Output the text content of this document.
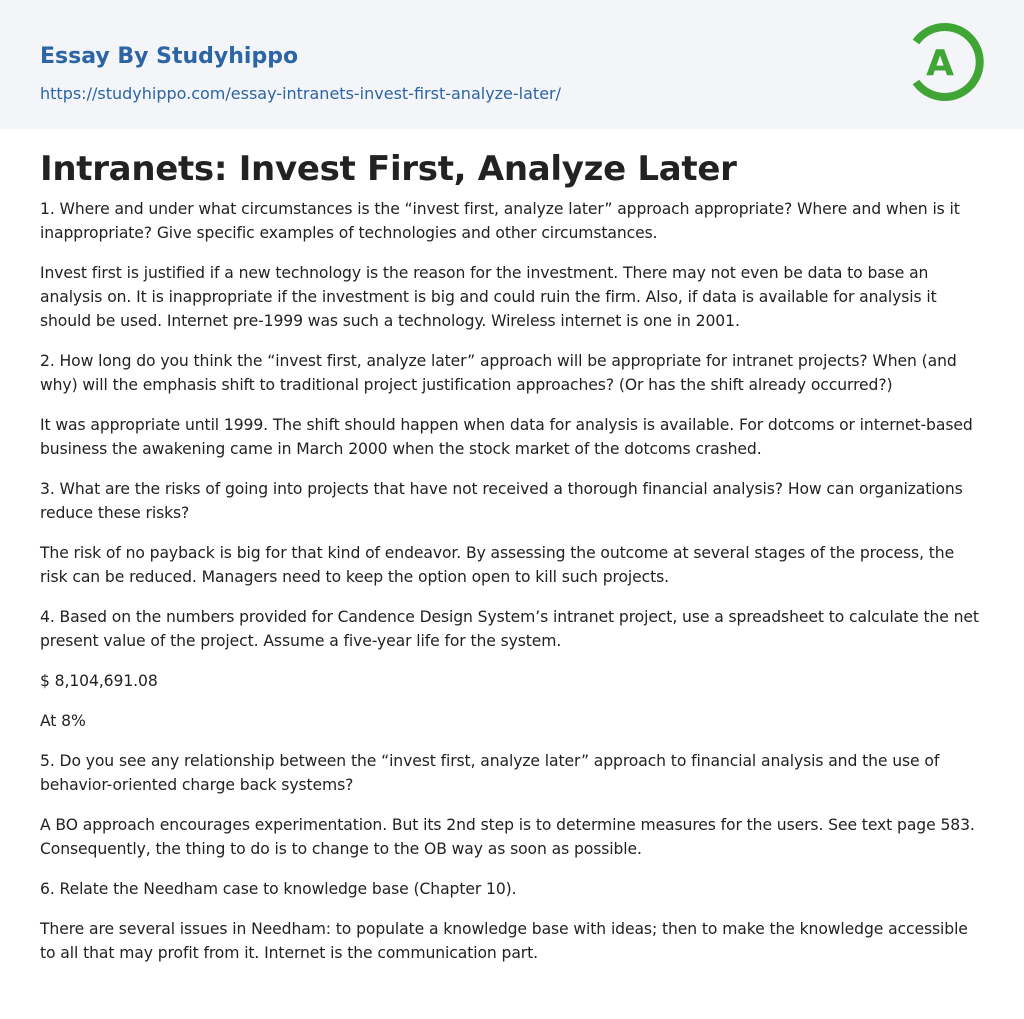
Essay By Studyhippo
https://studyhippo.com/essay-intranets-invest-first-analyze-later/
A
Intranets: Invest First, Analyze Later

1. Where and under what circumstances is the “invest first, analyze later” approach appropriate? Where and when is it inappropriate? Give specific examples of technologies and other circumstances.

Invest first is justified if a new technology is the reason for the investment. There may not even be data to base an analysis on. It is inappropriate if the investment is big and could ruin the firm. Also, if data is available for analysis it should be used. Internet pre-1999 was such a technology. Wireless internet is one in 2001.

2. How long do you think the “invest first, analyze later” approach will be appropriate for intranet projects? When (and why) will the emphasis shift to traditional project justification approaches? (Or has the shift already occurred?)

It was appropriate until 1999. The shift should happen when data for analysis is available. For dotcoms or internet-based business the awakening came in March 2000 when the stock market of the dotcoms crashed.

3. What are the risks of going into projects that have not received a thorough financial analysis? How can organizations reduce these risks?

The risk of no payback is big for that kind of endeavor. By assessing the outcome at several stages of the process, the risk can be reduced. Managers need to keep the option open to kill such projects.

4. Based on the numbers provided for Candence Design System’s intranet project, use a spreadsheet to calculate the net present value of the project. Assume a five-year life for the system.

$ 8,104,691.08

At 8%

5. Do you see any relationship between the “invest first, analyze later” approach to financial analysis and the use of behavior-oriented charge back systems?

A BO approach encourages experimentation. But its 2nd step is to determine measures for the users. See text page 583. Consequently, the thing to do is to change to the OB way as soon as possible.

6. Relate the Needham case to knowledge base (Chapter 10).

There are several issues in Needham: to populate a knowledge base with ideas; then to make the knowledge accessible to all that may profit from it. Internet is the communication part.
